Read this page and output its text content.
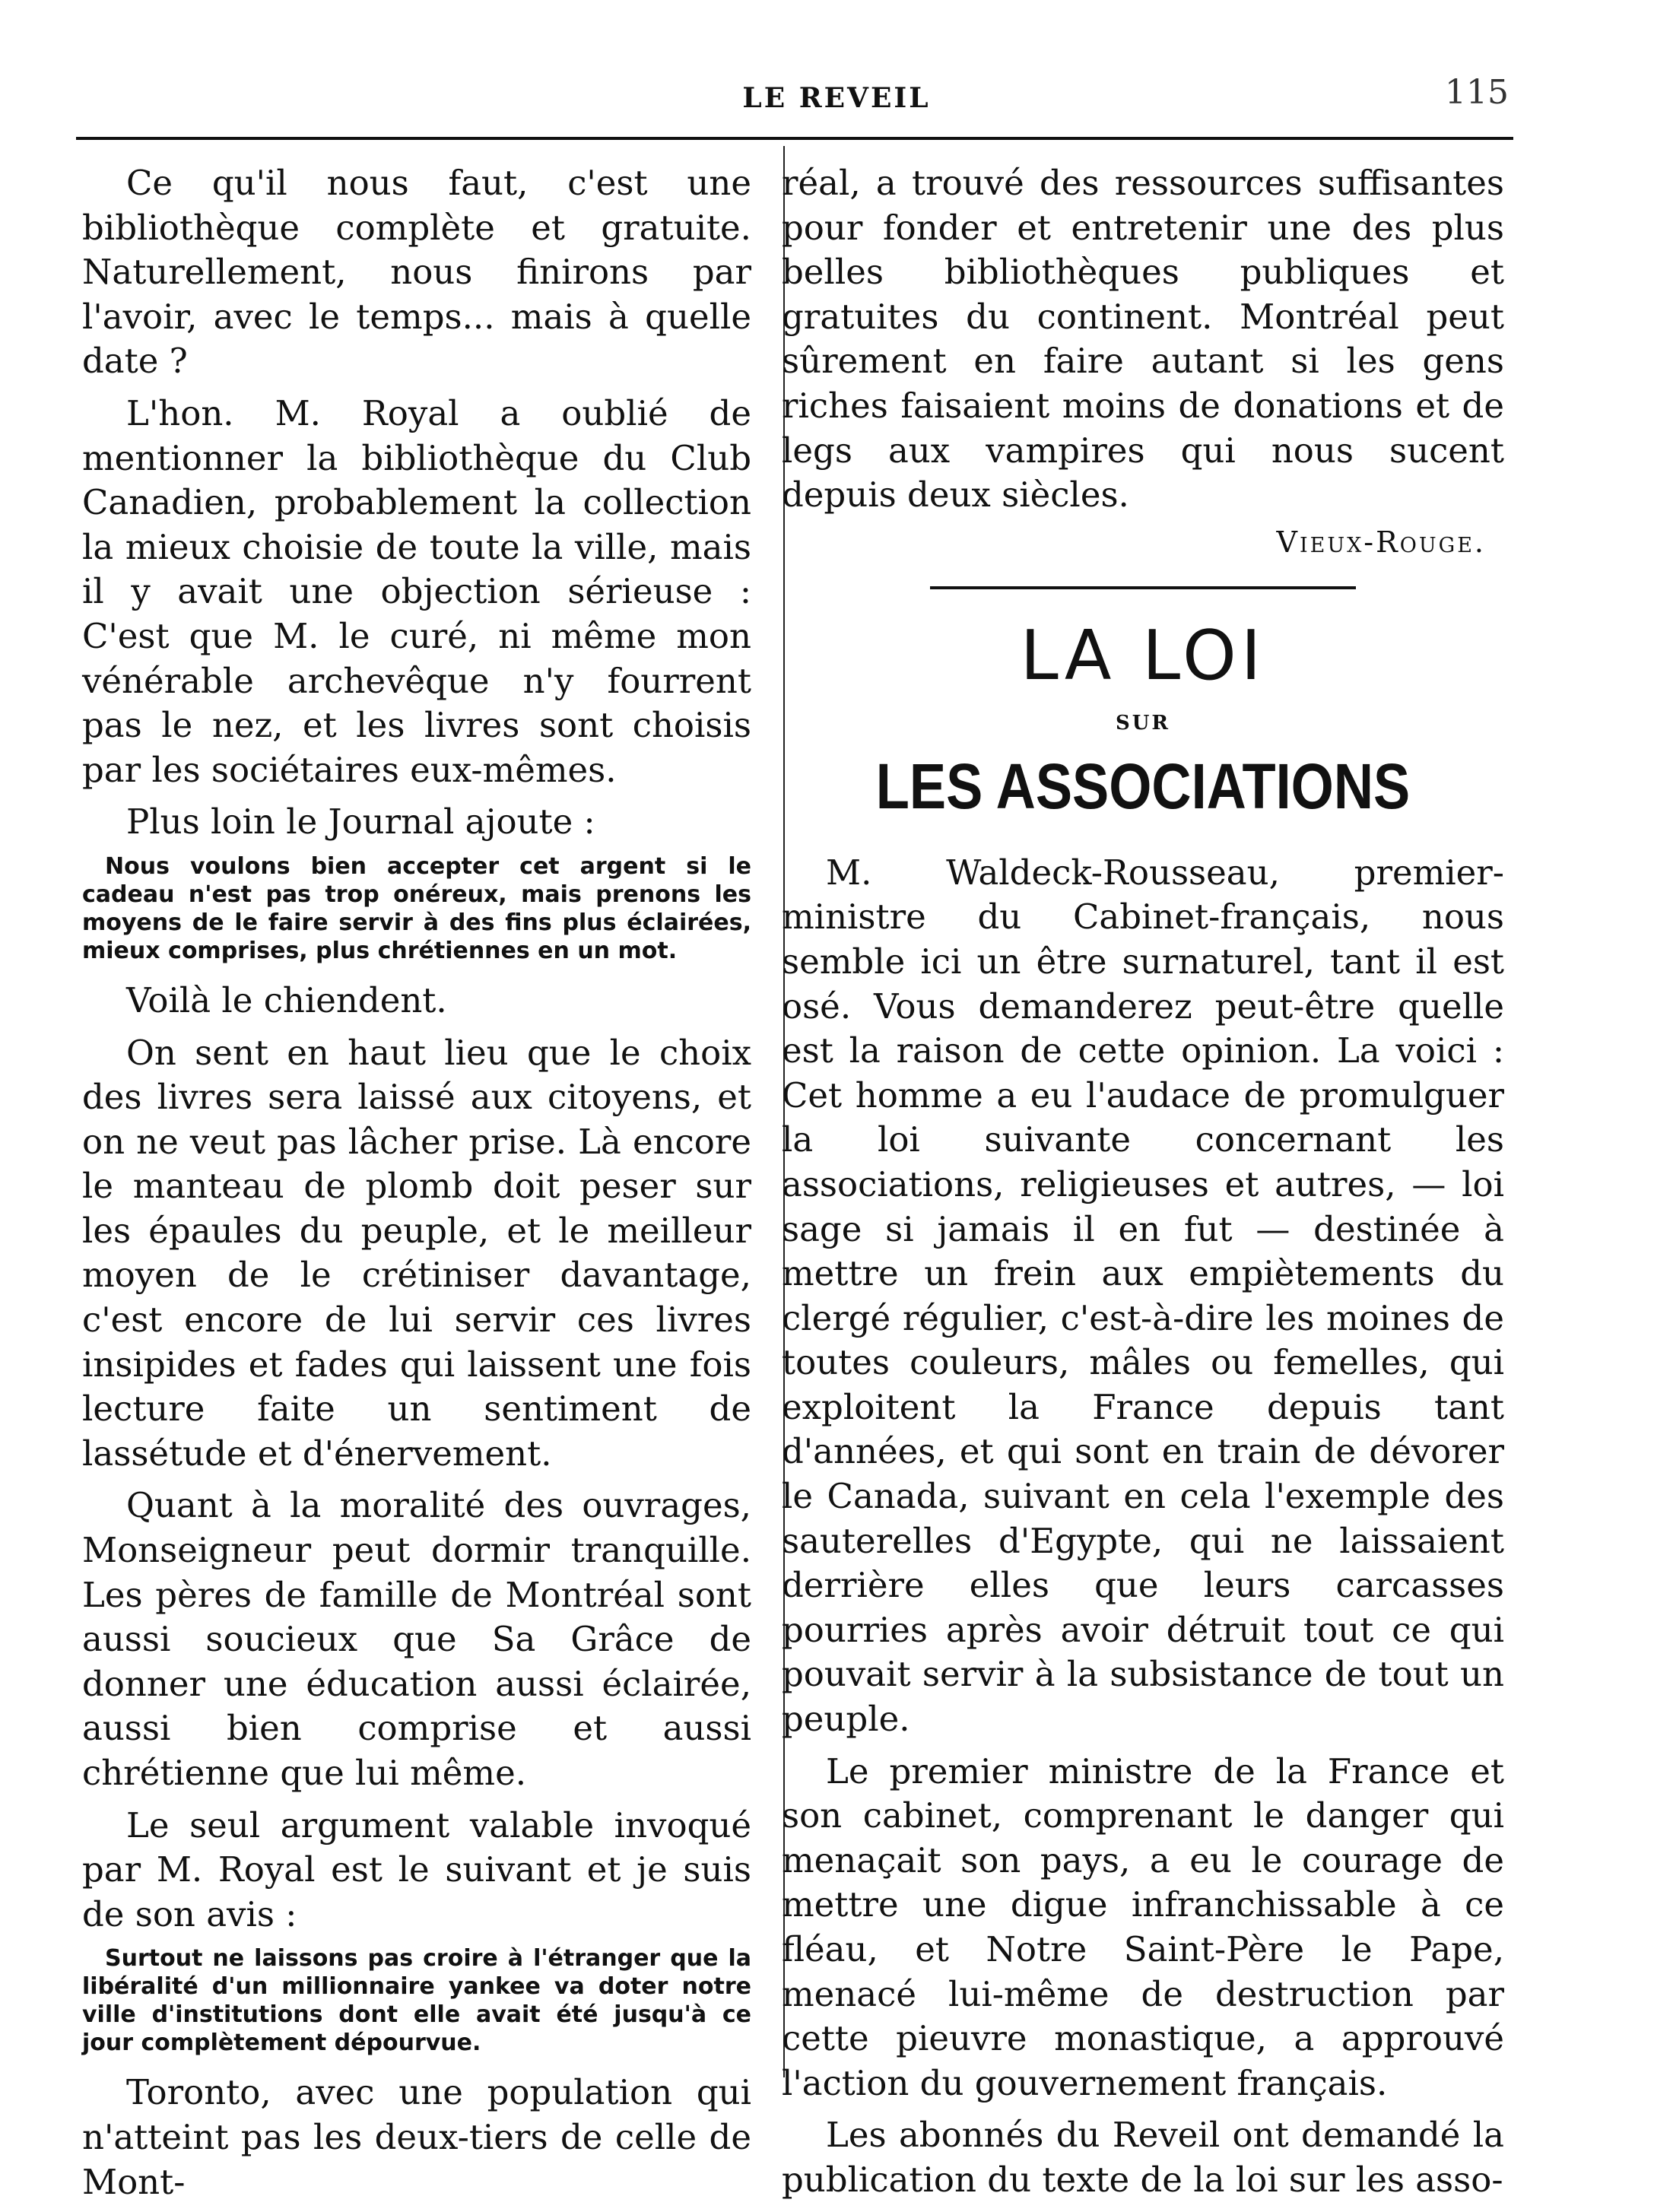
LE REVEIL	115

Ce qu'il nous faut, c'est une bibliothèque complète et gratuite. Naturellement, nous finirons par l'avoir, avec le temps... mais à quelle date ?

L'hon. M. Royal a oublié de mentionner la bibliothèque du Club Canadien, probablement la collection la mieux choisie de toute la ville, mais il y avait une objection sérieuse : C'est que M. le curé, ni même mon vénérable archevêque n'y fourrent pas le nez, et les livres sont choisis par les sociétaires eux-mêmes.

Plus loin le Journal ajoute :

Nous voulons bien accepter cet argent si le cadeau n'est pas trop onéreux, mais prenons les moyens de le faire servir à des fins plus éclairées, mieux comprises, plus chrétiennes en un mot.

Voilà le chiendent.

On sent en haut lieu que le choix des livres sera laissé aux citoyens, et on ne veut pas lâcher prise. Là encore le manteau de plomb doit peser sur les épaules du peuple, et le meilleur moyen de le crétiniser davantage, c'est encore de lui servir ces livres insipides et fades qui laissent une fois lecture faite un sentiment de lassétude et d'énervement.

Quant à la moralité des ouvrages, Monseigneur peut dormir tranquille. Les pères de famille de Montréal sont aussi soucieux que Sa Grâce de donner une éducation aussi éclairée, aussi bien comprise et aussi chrétienne que lui même.

Le seul argument valable invoqué par M. Royal est le suivant et je suis de son avis :

Surtout ne laissons pas croire à l'étranger que la libéralité d'un millionnaire yankee va doter notre ville d'institutions dont elle avait été jusqu'à ce jour complètement dépourvue.

Toronto, avec une population qui n'atteint pas les deux-tiers de celle de Mont-

réal, a trouvé des ressources suffisantes pour fonder et entretenir une des plus belles bibliothèques publiques et gratuites du continent. Montréal peut sûrement en faire autant si les gens riches faisaient moins de donations et de legs aux vampires qui nous sucent depuis deux siècles.

Vieux-Rouge.
LA LOI
SUR
LES ASSOCIATIONS

M. Waldeck-Rousseau, premier-ministre du Cabinet-français, nous semble ici un être surnaturel, tant il est osé. Vous demanderez peut-être quelle est la raison de cette opinion. La voici : Cet homme a eu l'audace de promulguer la loi suivante concernant les associations, religieuses et autres, — loi sage si jamais il en fut — destinée à mettre un frein aux empiètements du clergé régulier, c'est-à-dire les moines de toutes couleurs, mâles ou femelles, qui exploitent la France depuis tant d'années, et qui sont en train de dévorer le Canada, suivant en cela l'exemple des sauterelles d'Egypte, qui ne laissaient derrière elles que leurs carcasses pourries après avoir détruit tout ce qui pouvait servir à la subsistance de tout un peuple.

Le premier ministre de la France et son cabinet, comprenant le danger qui menaçait son pays, a eu le courage de mettre une digue infranchissable à ce fléau, et Notre Saint-Père le Pape, menacé lui-même de destruction par cette pieuvre monastique, a approuvé l'action du gouvernement français.

Les abonnés du Reveil ont demandé la publication du texte de la loi sur les asso-
